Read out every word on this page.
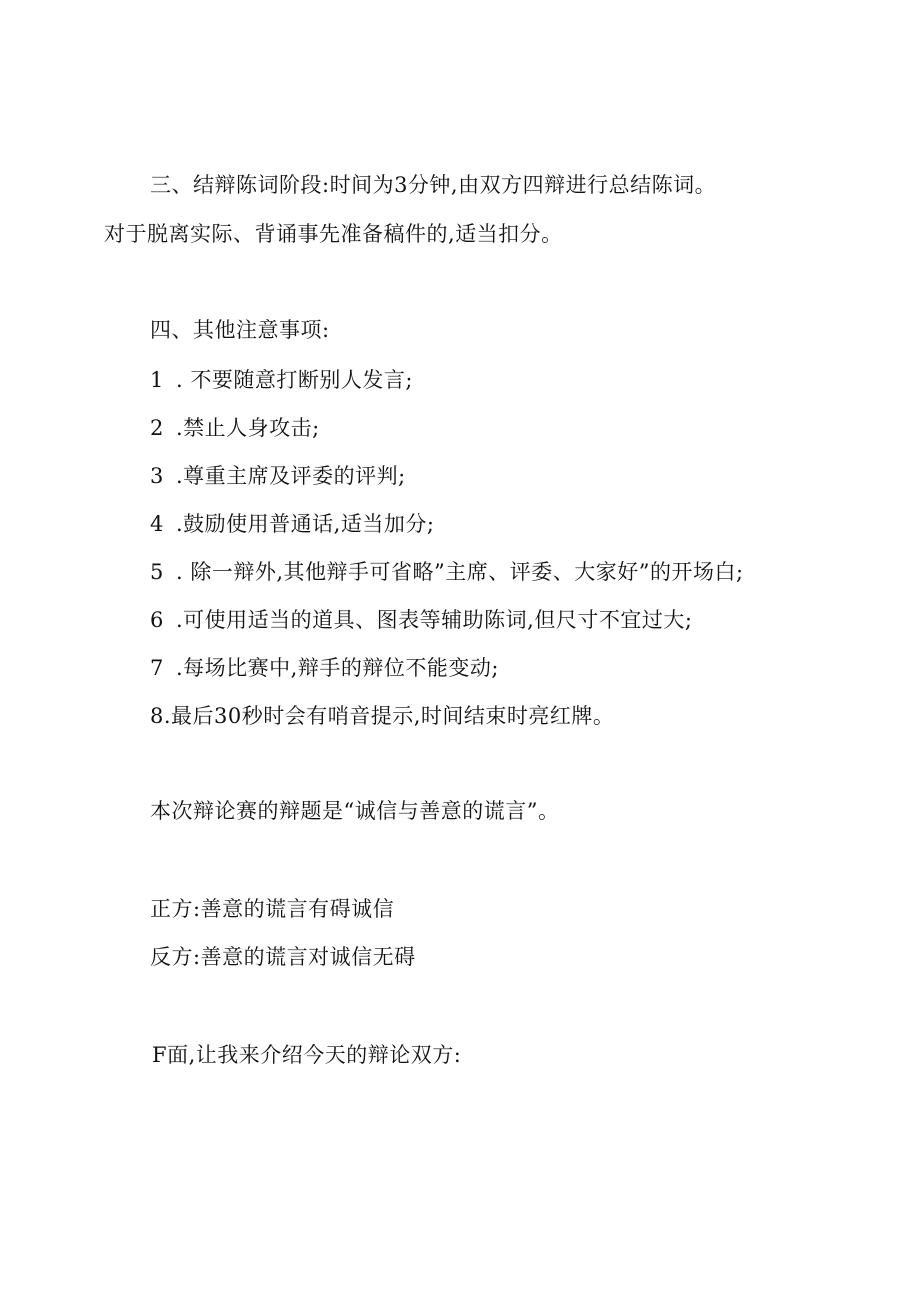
三、结辩陈词阶段:时间为3分钟,由双方四辩进行总结陈词。
对于脱离实际、背诵事先准备稿件的,适当扣分。
四、其他注意事项:
1 . 不要随意打断别人发言;
2 .禁止人身攻击;
3 .尊重主席及评委的评判;
4 .鼓励使用普通话,适当加分;
5 . 除一辩外,其他辩手可省略”主席、评委、大家好”的开场白;
6 .可使用适当的道具、图表等辅助陈词,但尺寸不宜过大;
7 .每场比赛中,辩手的辩位不能变动;
8.最后30秒时会有哨音提示,时间结束时亮红牌。
本次辩论赛的辩题是“诚信与善意的谎言”。
正方:善意的谎言有碍诚信
反方:善意的谎言对诚信无碍
F面,让我来介绍今天的辩论双方:
